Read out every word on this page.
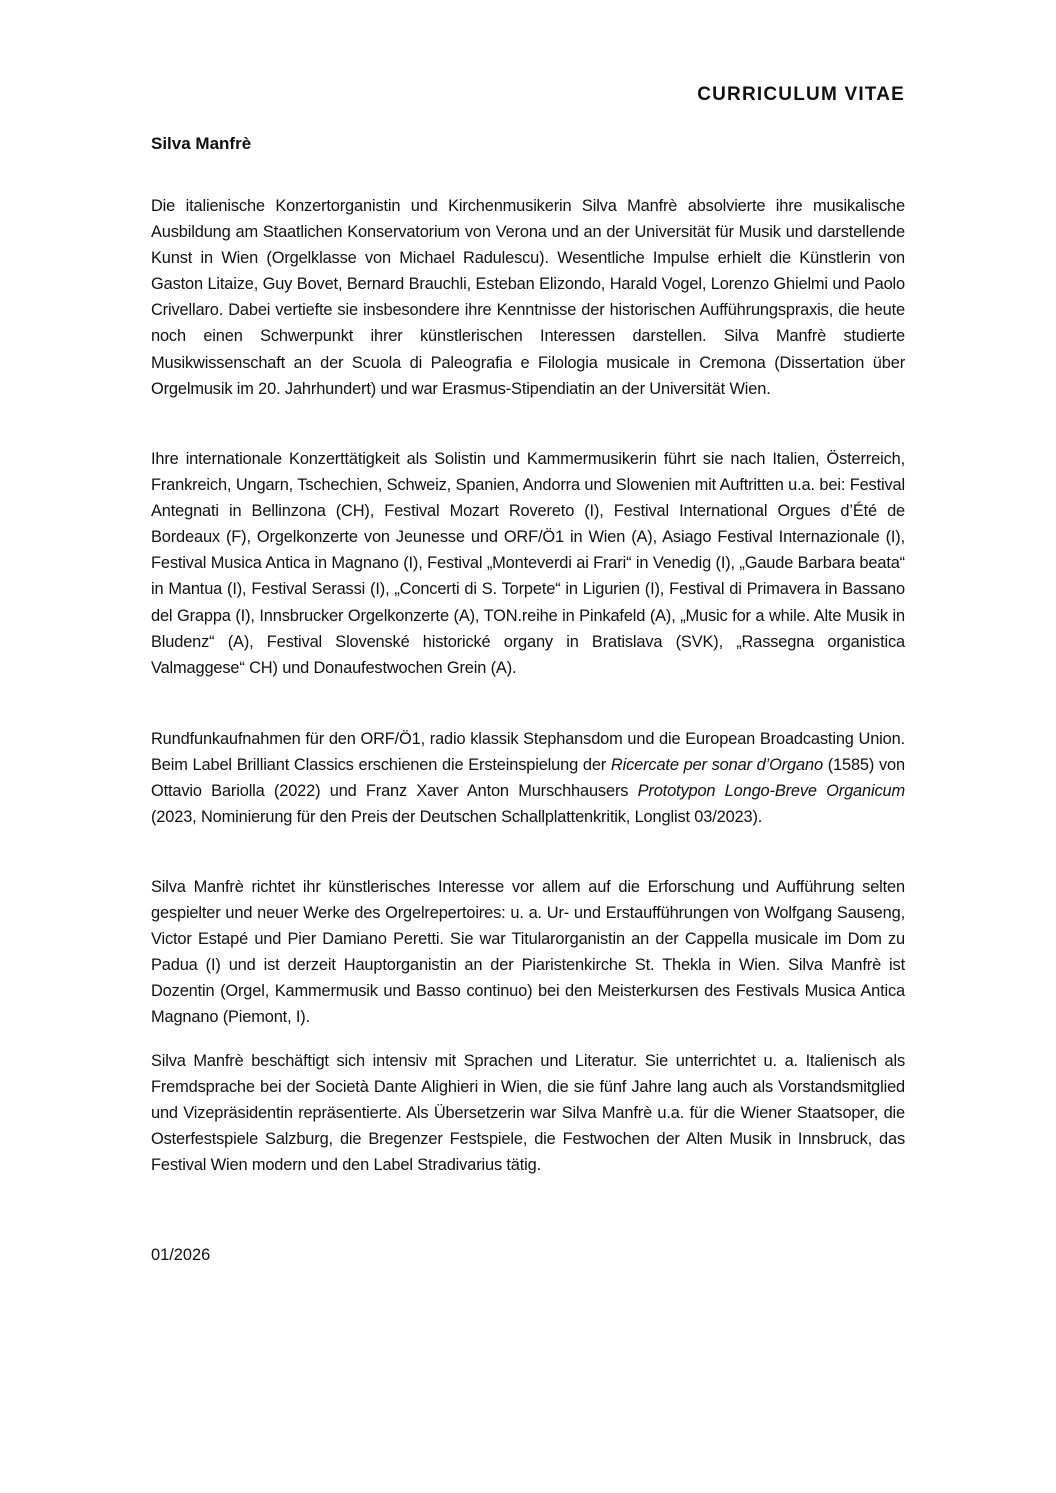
CURRICULUM VITAE
Silva Manfrè

Die italienische Konzertorganistin und Kirchenmusikerin Silva Manfrè absolvierte ihre musikalische Ausbildung am Staatlichen Konservatorium von Verona und an der Universität für Musik und darstellende Kunst in Wien (Orgelklasse von Michael Radulescu). Wesentliche Impulse erhielt die Künstlerin von Gaston Litaize, Guy Bovet, Bernard Brauchli, Esteban Elizondo, Harald Vogel, Lorenzo Ghielmi und Paolo Crivellaro. Dabei vertiefte sie insbesondere ihre Kenntnisse der historischen Aufführungspraxis, die heute noch einen Schwerpunkt ihrer künstlerischen Interessen darstellen. Silva Manfrè studierte Musikwissenschaft an der Scuola di Paleografia e Filologia musicale in Cremona (Dissertation über Orgelmusik im 20. Jahrhundert) und war Erasmus-Stipendiatin an der Universität Wien.

Ihre internationale Konzerttätigkeit als Solistin und Kammermusikerin führt sie nach Italien, Österreich, Frankreich, Ungarn, Tschechien, Schweiz, Spanien, Andorra und Slowenien mit Auftritten u.a. bei: Festival Antegnati in Bellinzona (CH), Festival Mozart Rovereto (I), Festival International Orgues d’Été de Bordeaux (F), Orgelkonzerte von Jeunesse und ORF/Ö1 in Wien (A), Asiago Festival Internazionale (I), Festival Musica Antica in Magnano (I), Festival „Monteverdi ai Frari“ in Venedig (I), „Gaude Barbara beata“ in Mantua (I), Festival Serassi (I), „Concerti di S. Torpete“ in Ligurien (I), Festival di Primavera in Bassano del Grappa (I), Innsbrucker Orgelkonzerte (A), TON.reihe in Pinkafeld (A), „Music for a while. Alte Musik in Bludenz“ (A), Festival Slovenské historické organy in Bratislava (SVK), „Rassegna organistica Valmaggese“ CH) und Donaufestwochen Grein (A).

Rundfunkaufnahmen für den ORF/Ö1, radio klassik Stephansdom und die European Broadcasting Union. Beim Label Brilliant Classics erschienen die Ersteinspielung der Ricercate per sonar d’Organo (1585) von Ottavio Bariolla (2022) und Franz Xaver Anton Murschhausers Prototypon Longo-Breve Organicum (2023, Nominierung für den Preis der Deutschen Schallplattenkritik, Longlist 03/2023).

Silva Manfrè richtet ihr künstlerisches Interesse vor allem auf die Erforschung und Aufführung selten gespielter und neuer Werke des Orgelrepertoires: u. a. Ur- und Erstaufführungen von Wolfgang Sauseng, Victor Estapé und Pier Damiano Peretti. Sie war Titularorganistin an der Cappella musicale im Dom zu Padua (I) und ist derzeit Hauptorganistin an der Piaristenkirche St. Thekla in Wien. Silva Manfrè ist Dozentin (Orgel, Kammermusik und Basso continuo) bei den Meisterkursen des Festivals Musica Antica Magnano (Piemont, I).

Silva Manfrè beschäftigt sich intensiv mit Sprachen und Literatur. Sie unterrichtet u. a. Italienisch als Fremdsprache bei der Società Dante Alighieri in Wien, die sie fünf Jahre lang auch als Vorstandsmitglied und Vizepräsidentin repräsentierte. Als Übersetzerin war Silva Manfrè u.a. für die Wiener Staatsoper, die Osterfestspiele Salzburg, die Bregenzer Festspiele, die Festwochen der Alten Musik in Innsbruck, das Festival Wien modern und den Label Stradivarius tätig.

01/2026
